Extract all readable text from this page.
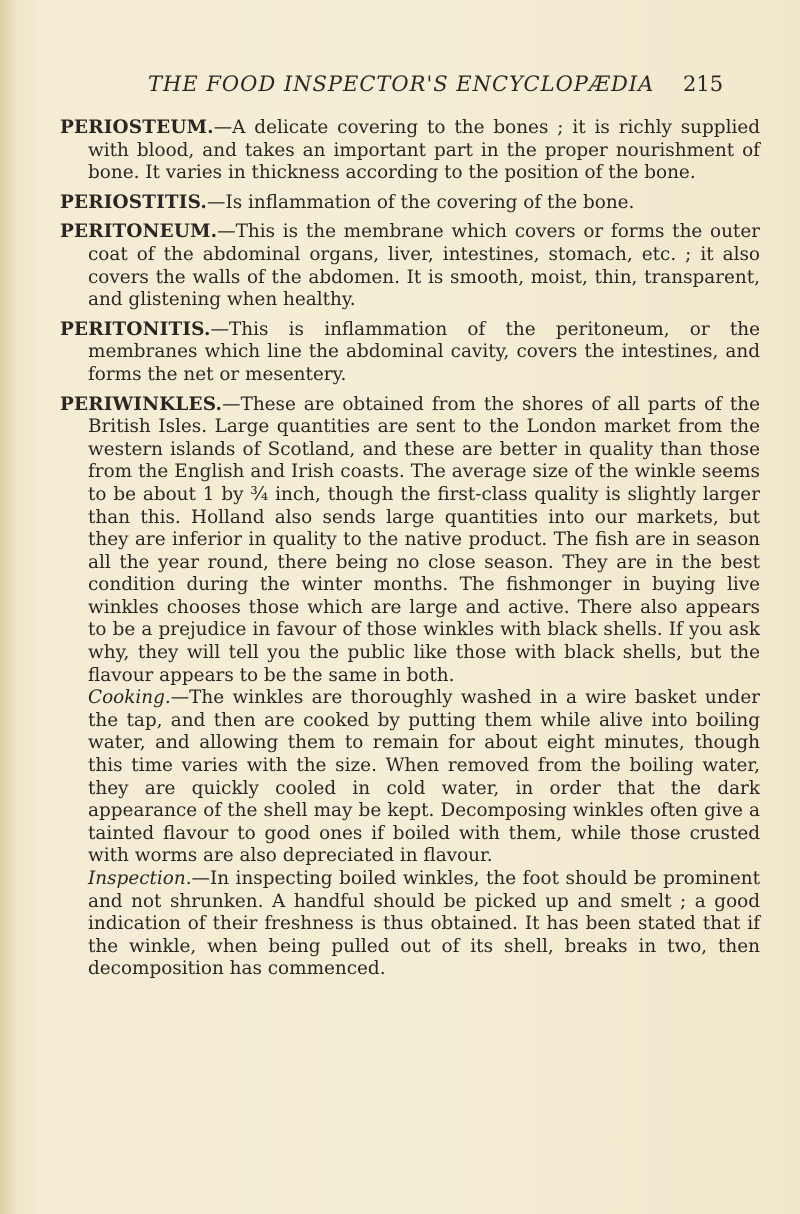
THE FOOD INSPECTOR'S ENCYCLOPÆDIA	215

PERIOSTEUM.—A delicate covering to the bones ; it is richly supplied with blood, and takes an important part in the proper nourishment of bone. It varies in thickness according to the position of the bone.

PERIOSTITIS.—Is inflammation of the covering of the bone.

PERITONEUM.—This is the membrane which covers or forms the outer coat of the abdominal organs, liver, intestines, stomach, etc. ; it also covers the walls of the abdomen. It is smooth, moist, thin, transparent, and glistening when healthy.

PERITONITIS.—This is inflammation of the peritoneum, or the membranes which line the abdominal cavity, covers the intestines, and forms the net or mesentery.

PERIWINKLES.—These are obtained from the shores of all parts of the British Isles. Large quantities are sent to the London market from the western islands of Scotland, and these are better in quality than those from the English and Irish coasts. The average size of the winkle seems to be about 1 by ¾ inch, though the first-class quality is slightly larger than this. Holland also sends large quantities into our markets, but they are inferior in quality to the native product. The fish are in season all the year round, there being no close season. They are in the best condition during the winter months. The fishmonger in buying live winkles chooses those which are large and active. There also appears to be a prejudice in favour of those winkles with black shells. If you ask why, they will tell you the public like those with black shells, but the flavour appears to be the same in both.

Cooking.—The winkles are thoroughly washed in a wire basket under the tap, and then are cooked by putting them while alive into boiling water, and allowing them to remain for about eight minutes, though this time varies with the size. When removed from the boiling water, they are quickly cooled in cold water, in order that the dark appearance of the shell may be kept. Decomposing winkles often give a tainted flavour to good ones if boiled with them, while those crusted with worms are also depreciated in flavour.

Inspection.—In inspecting boiled winkles, the foot should be prominent and not shrunken. A handful should be picked up and smelt ; a good indication of their freshness is thus obtained. It has been stated that if the winkle, when being pulled out of its shell, breaks in two, then decomposition has commenced.
